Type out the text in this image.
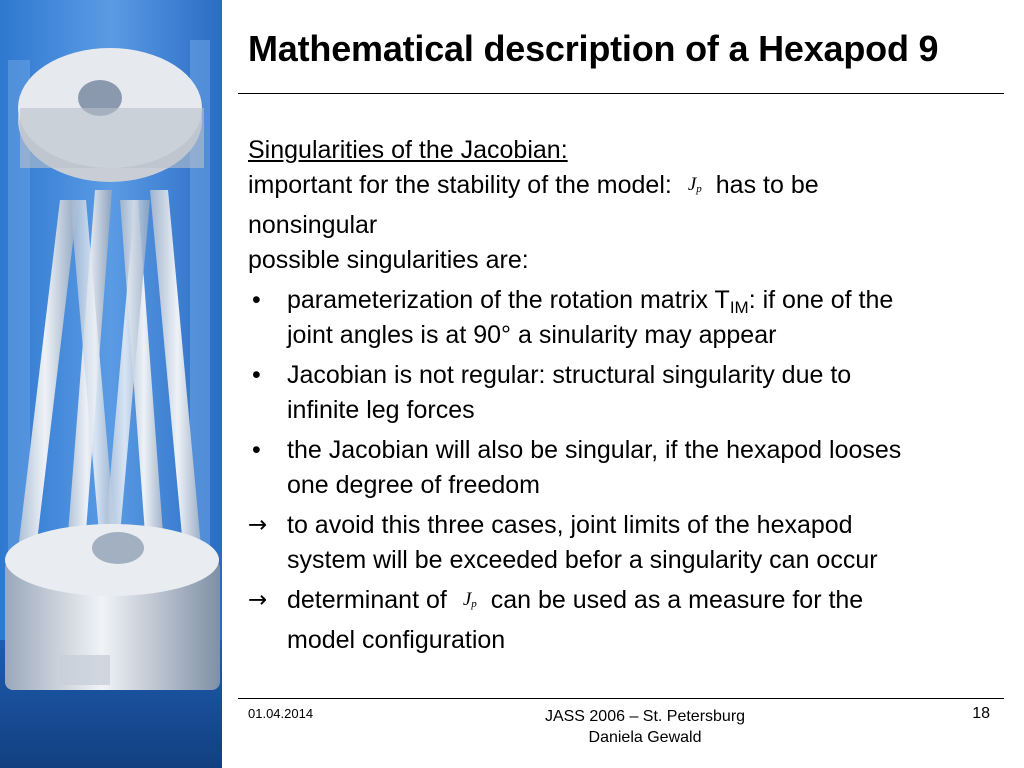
Mathematical description of a Hexapod 9
Singularities of the Jacobian:
important for the stability of the model: $J_p$ has to be
nonsingular
possible singularities are:
• parameterization of the rotation matrix $T_{IM}$: if one of the
joint angles is at 90° a sinularity may appear
• Jacobian is not regular: structural singularity due to
infinite leg forces
• the Jacobian will also be singular, if the hexapod looses
one degree of freedom
→ to avoid this three cases, joint limits of the hexapod
system will be exceeded befor a singularity can occur
→ determinant of $J_p$ can be used as a measure for the
model configuration
01.04.2014	JASS 2006 – St. Petersburg
Daniela Gewald
18
